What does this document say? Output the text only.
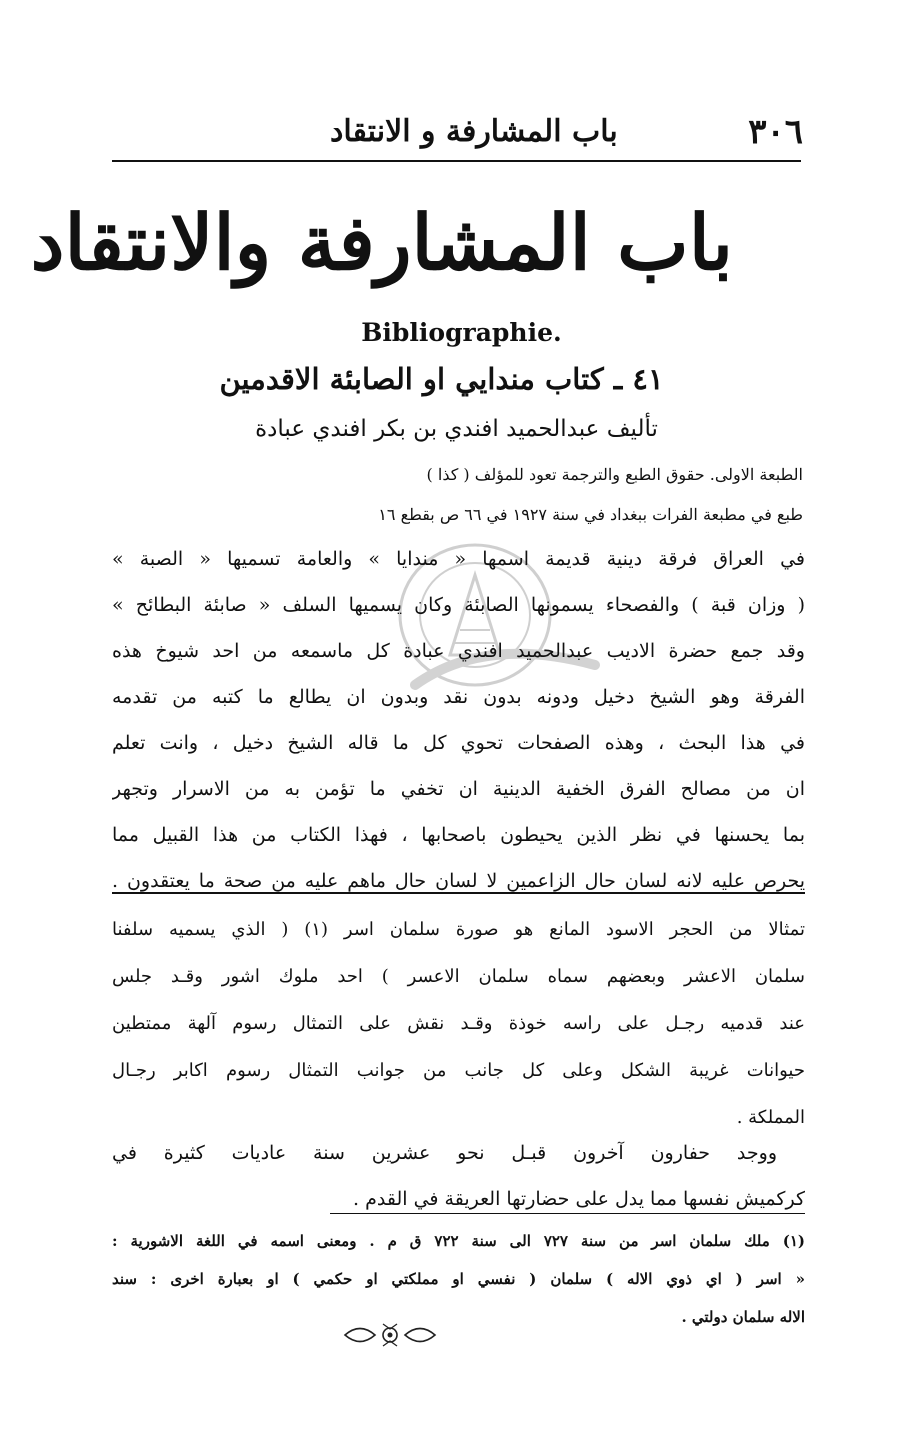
٣٠٦
باب المشارفة و الانتقاد
باب المشارفة والانتقاد
Bibliographie.
٤١ ـ كتاب مندايي او الصابئة الاقدمين
تأليف عبدالحميد افندي بن بكر افندي عبادة
الطبعة الاولى. حقوق الطبع والترجمة تعود للمؤلف ( كذا )
طبع في مطبعة الفرات ببغداد في سنة ١٩٢٧ في ٦٦ ص بقطع ١٦
في العراق فرقة دينية قديمة اسمها « مندايا » والعامة تسميها « الصبة »
( وزان قبة ) والفصحاء يسمونها الصابئة وكان يسميها السلف « صابئة البطائح »
وقد جمع حضرة الاديب عبدالحميد افندي عبادة كل ماسمعه من احد شيوخ هذه
الفرقة وهو الشيخ دخيل ودونه بدون نقد وبدون ان يطالع ما كتبه من تقدمه
في هذا البحث ، وهذه الصفحات تحوي كل ما قاله الشيخ دخيل ، وانت تعلم
ان من مصالح الفرق الخفية الدينية ان تخفي ما تؤمن به من الاسرار وتجهر
بما يحسنها في نظر الذين يحيطون باصحابها ، فهذا الكتاب من هذا القبيل مما
يحرص عليه لانه لسان حال الزاعمين لا لسان حال ماهم عليه من صحة ما يعتقدون .
تمثالا من الحجر الاسود المانع هو صورة سلمان اسر (١) ( الذي يسميه سلفنا
سلمان الاعشر وبعضهم سماه سلمان الاعسر ) احد ملوك اشور وقـد جلس
عند قدميه رجـل على راسه خوذة وقـد نقش على التمثال رسوم آلهة ممتطين
حيوانات غريبة الشكل وعلى كل جانب من جوانب التمثال رسوم اكابر رجـال
المملكة .
ووجد حفارون آخرون قبـل نحو عشرين سنة عاديات كثيرة في
كركميش نفسها مما يدل على حضارتها العريقة في القدم .
(١) ملك سلمان اسر من سنة ٧٢٧ الى سنة ٧٢٢ ق م . ومعنى اسمه في اللغة الاشورية :
« اسر ( اي ذوي الاله ) سلمان ( نفسي او مملكتي او حكمي ) او بعبارة اخرى : سند
الاله سلمان دولتي .
